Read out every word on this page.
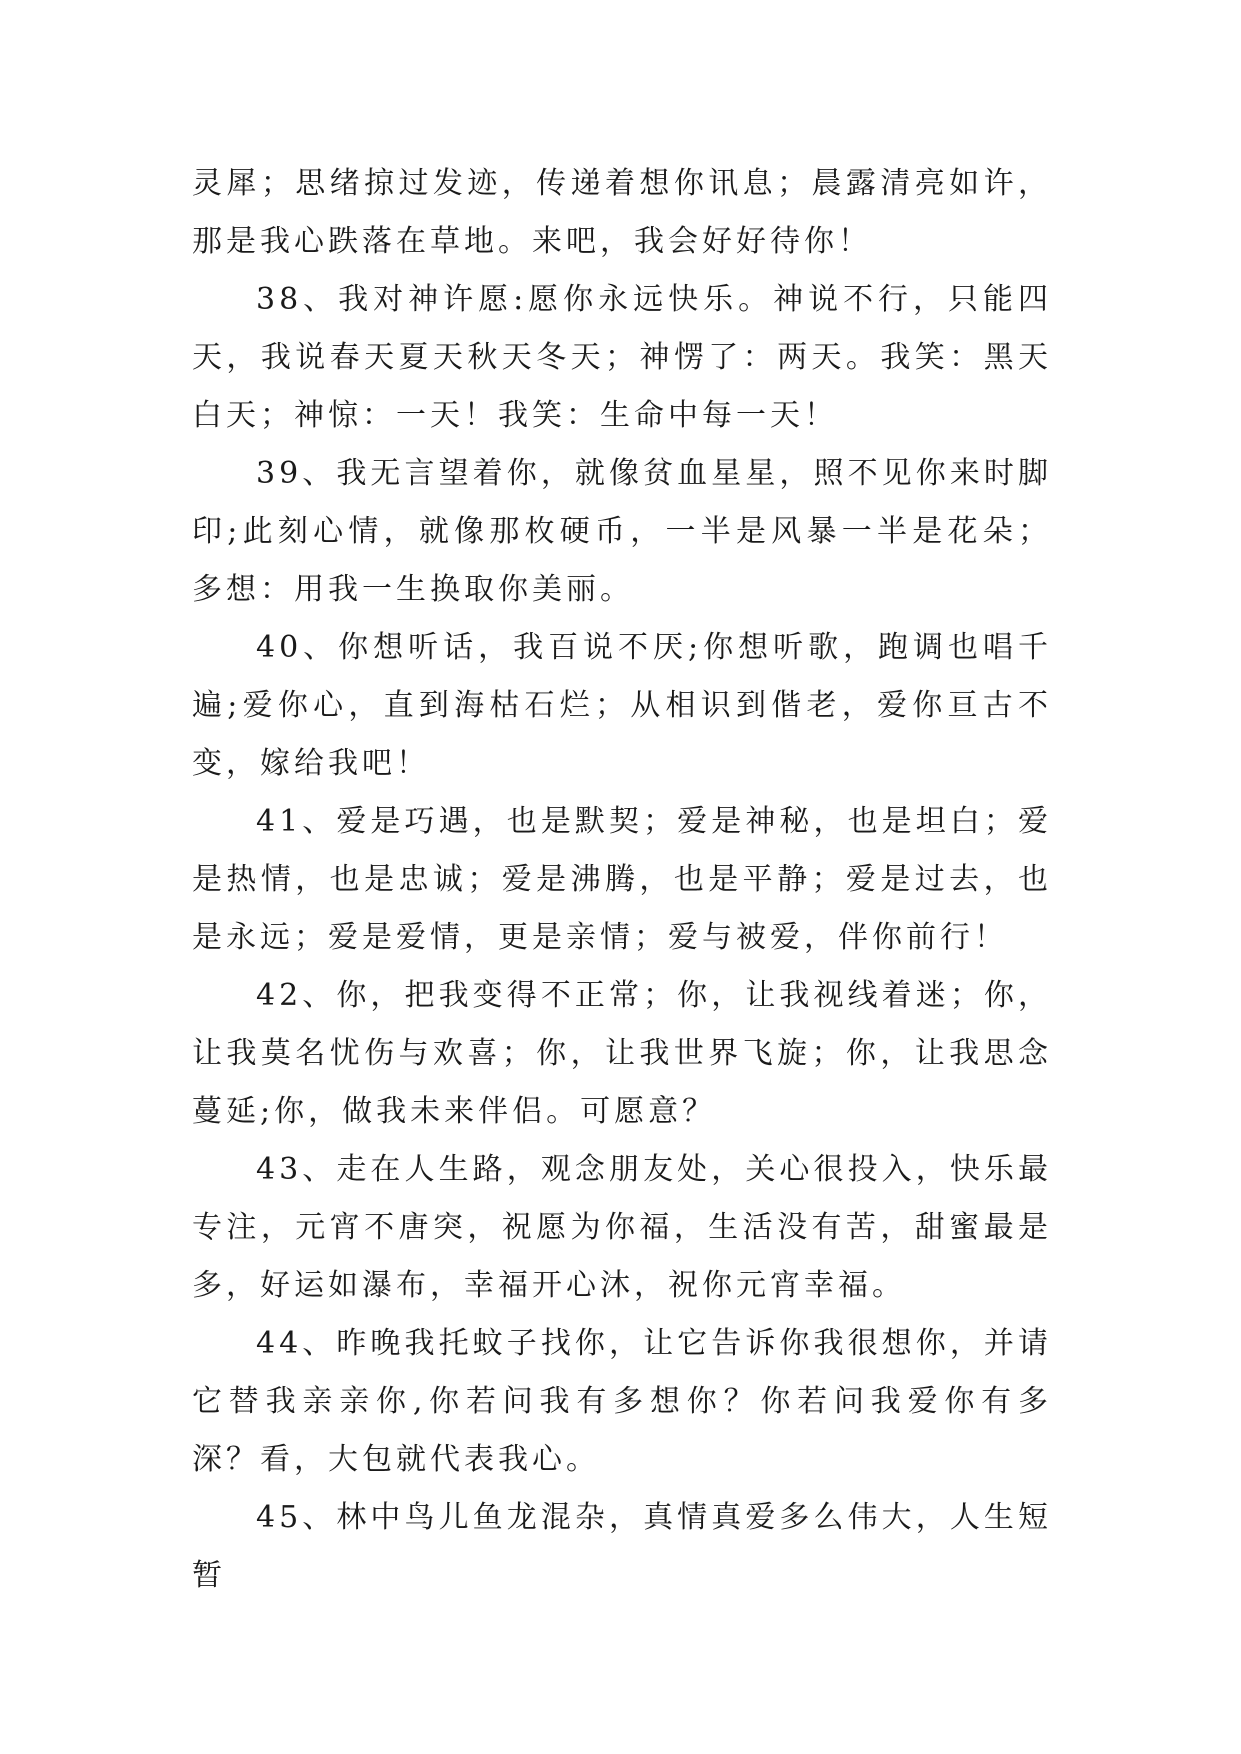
灵犀；思绪掠过发迹，传递着想你讯息；晨露清亮如许，那是我心跌落在草地。来吧，我会好好待你！

38、我对神许愿:愿你永远快乐。神说不行，只能四天，我说春天夏天秋天冬天；神愣了：两天。我笑：黑天白天；神惊：一天！我笑：生命中每一天！

39、我无言望着你，就像贫血星星，照不见你来时脚印;此刻心情，就像那枚硬币，一半是风暴一半是花朵；多想：用我一生换取你美丽。

40、你想听话，我百说不厌;你想听歌，跑调也唱千遍;爱你心，直到海枯石烂；从相识到偕老，爱你亘古不变，嫁给我吧！

41、爱是巧遇，也是默契；爱是神秘，也是坦白；爱是热情，也是忠诚；爱是沸腾，也是平静；爱是过去，也是永远；爱是爱情，更是亲情；爱与被爱，伴你前行！

42、你，把我变得不正常；你，让我视线着迷；你，让我莫名忧伤与欢喜；你，让我世界飞旋；你，让我思念蔓延;你，做我未来伴侣。可愿意？

43、走在人生路，观念朋友处，关心很投入，快乐最专注，元宵不唐突，祝愿为你福，生活没有苦，甜蜜最是多，好运如瀑布，幸福开心沐，祝你元宵幸福。

44、昨晚我托蚊子找你，让它告诉你我很想你，并请它替我亲亲你,你若问我有多想你？你若问我爱你有多深？看，大包就代表我心。

45、林中鸟儿鱼龙混杂，真情真爱多么伟大，人生短暂
